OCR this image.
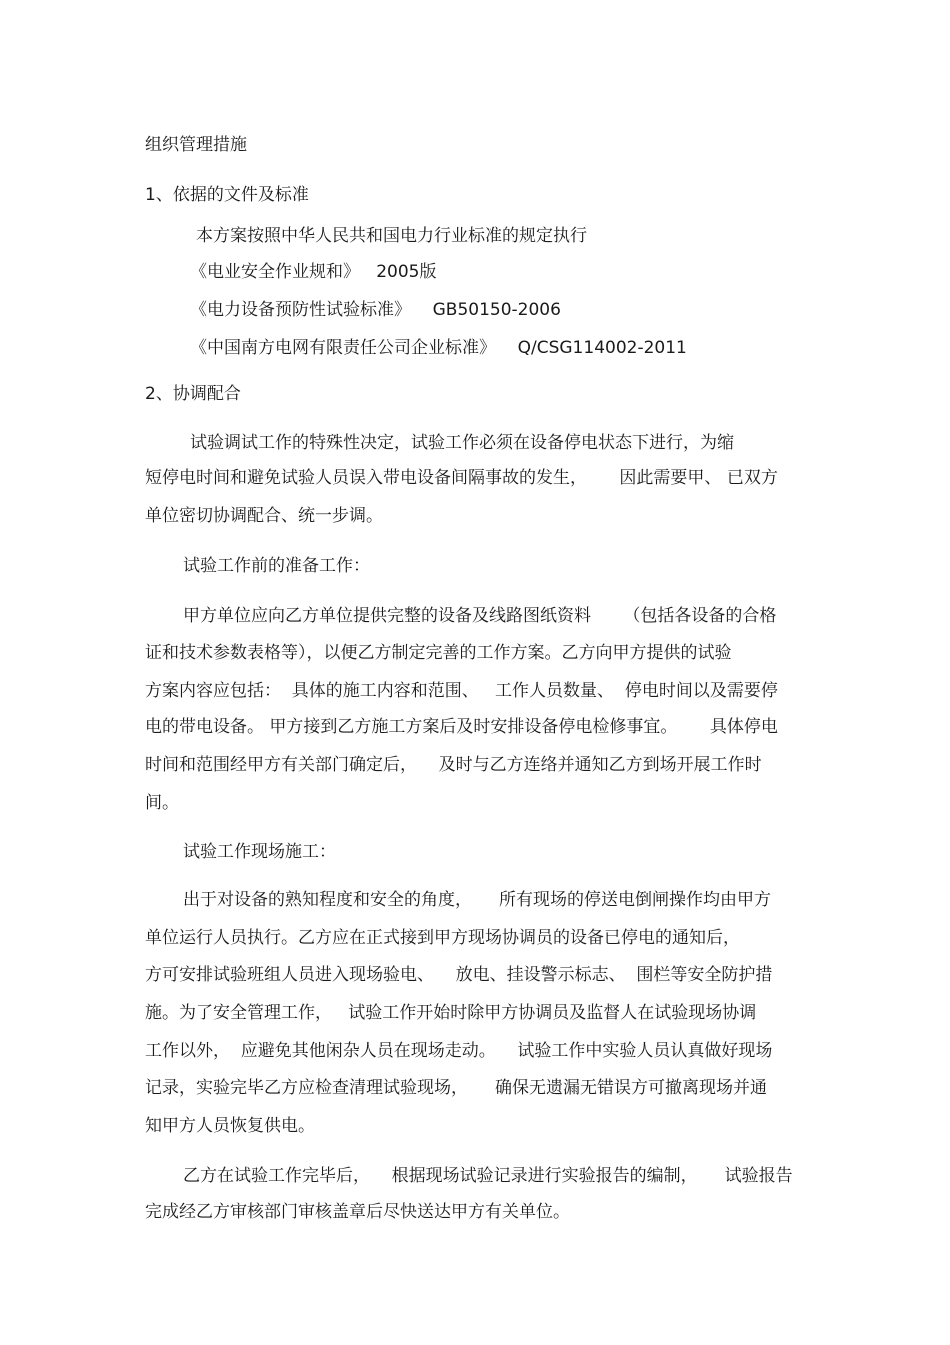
组织管理措施
1、依据的文件及标准
本方案按照中华人民共和国电力行业标准的规定执行
《电业安全作业规和》   2005版
《电力设备预防性试验标准》    GB50150-2006
《中国南方电网有限责任公司企业标准》    Q/CSG114002-2011
2、协调配合
试验调试工作的特殊性决定，试验工作必须在设备停电状态下进行，为缩
短停电时间和避免试验人员误入带电设备间隔事故的发生，      因此需要甲、 已双方
单位密切协调配合、统一步调。
试验工作前的准备工作：
甲方单位应向乙方单位提供完整的设备及线路图纸资料      （包括各设备的合格
证和技术参数表格等），以便乙方制定完善的工作方案。乙方向甲方提供的试验
方案内容应包括：  具体的施工内容和范围、   工作人员数量、  停电时间以及需要停
电的带电设备。 甲方接到乙方施工方案后及时安排设备停电检修事宜。      具体停电
时间和范围经甲方有关部门确定后，    及时与乙方连络并通知乙方到场开展工作时
间。
试验工作现场施工：
出于对设备的熟知程度和安全的角度，     所有现场的停送电倒闸操作均由甲方
单位运行人员执行。乙方应在正式接到甲方现场协调员的设备已停电的通知后，
方可安排试验班组人员进入现场验电、    放电、挂设警示标志、  围栏等安全防护措
施。为了安全管理工作，   试验工作开始时除甲方协调员及监督人在试验现场协调
工作以外，  应避免其他闲杂人员在现场走动。    试验工作中实验人员认真做好现场
记录，实验完毕乙方应检查清理试验现场，     确保无遗漏无错误方可撤离现场并通
知甲方人员恢复供电。
乙方在试验工作完毕后，    根据现场试验记录进行实验报告的编制，     试验报告
完成经乙方审核部门审核盖章后尽快送达甲方有关单位。
